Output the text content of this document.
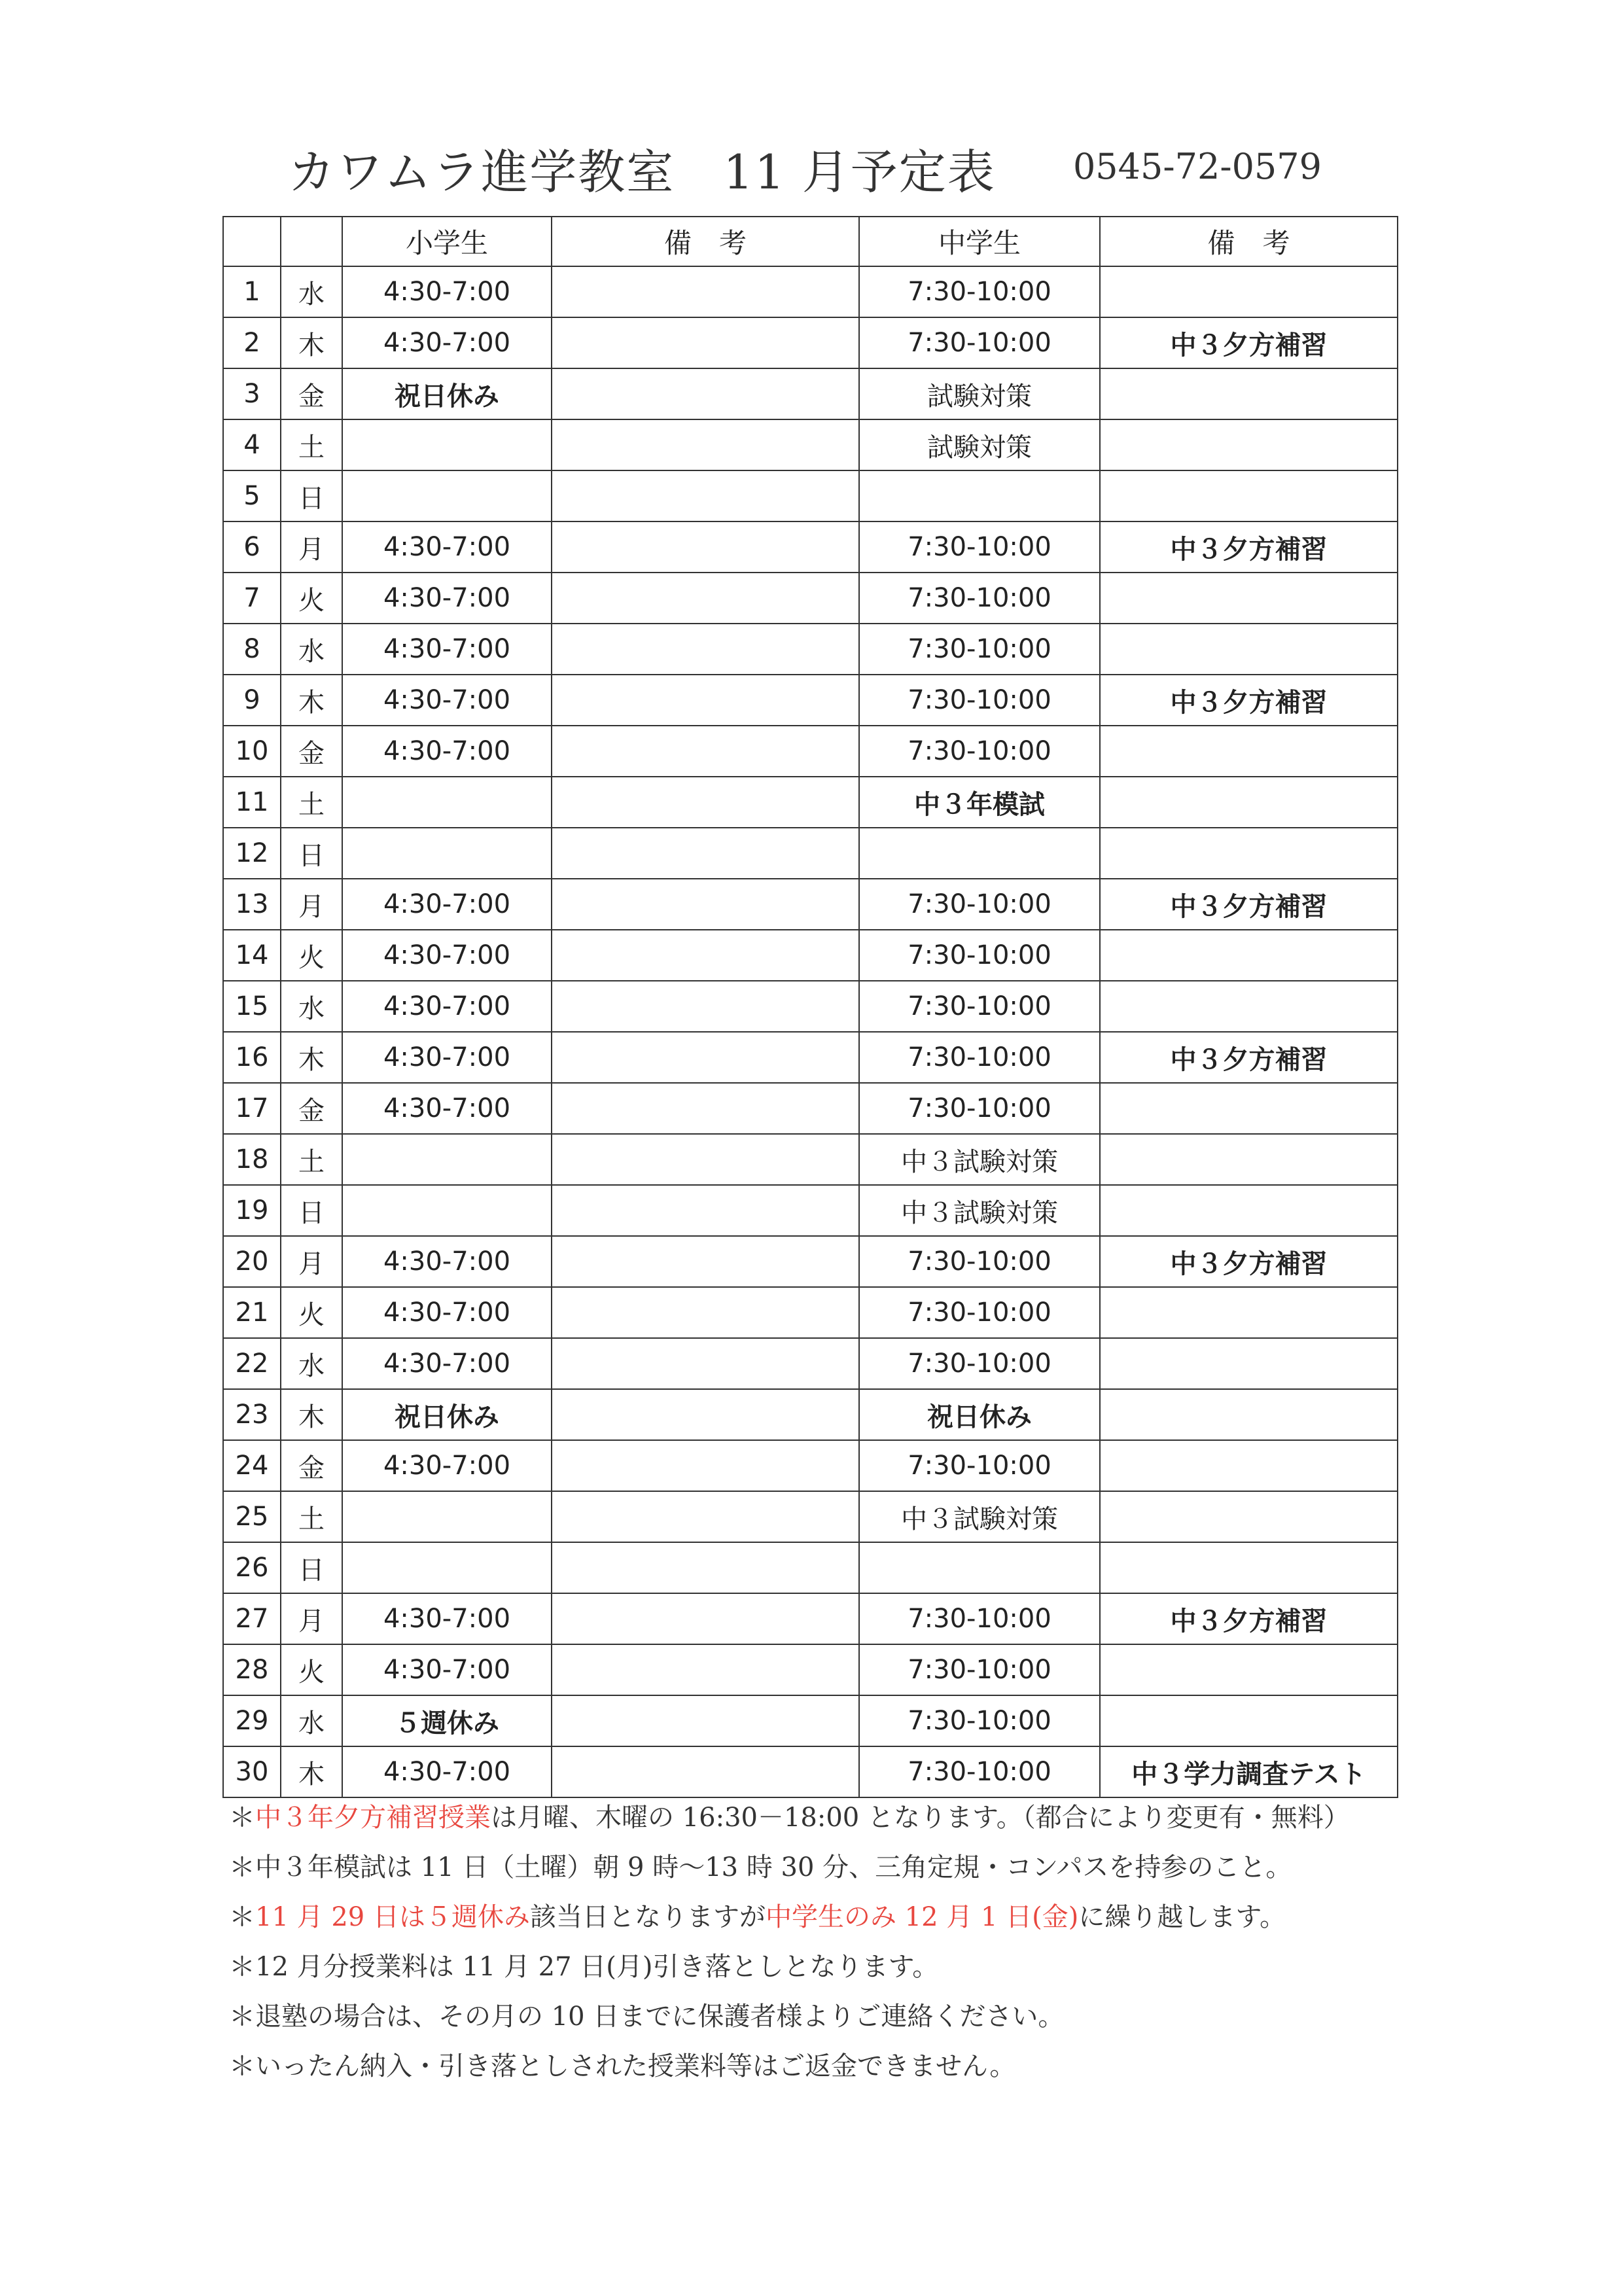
カワムラ進学教室　11 月予定表 0545-72-0579
		小学生	備　考	中学生	備　考
1	水	4:30-7:00		7:30-10:00	
2	木	4:30-7:00		7:30-10:00	中３夕方補習
3	金	祝日休み		試験対策	
4	土			試験対策	
5	日				
6	月	4:30-7:00		7:30-10:00	中３夕方補習
7	火	4:30-7:00		7:30-10:00	
8	水	4:30-7:00		7:30-10:00	
9	木	4:30-7:00		7:30-10:00	中３夕方補習
10	金	4:30-7:00		7:30-10:00	
11	土			中３年模試	
12	日				
13	月	4:30-7:00		7:30-10:00	中３夕方補習
14	火	4:30-7:00		7:30-10:00	
15	水	4:30-7:00		7:30-10:00	
16	木	4:30-7:00		7:30-10:00	中３夕方補習
17	金	4:30-7:00		7:30-10:00	
18	土			中３試験対策	
19	日			中３試験対策	
20	月	4:30-7:00		7:30-10:00	中３夕方補習
21	火	4:30-7:00		7:30-10:00	
22	水	4:30-7:00		7:30-10:00	
23	木	祝日休み		祝日休み	
24	金	4:30-7:00		7:30-10:00	
25	土			中３試験対策	
26	日				
27	月	4:30-7:00		7:30-10:00	中３夕方補習
28	火	4:30-7:00		7:30-10:00	
29	水	５週休み		7:30-10:00	
30	木	4:30-7:00		7:30-10:00	中３学力調査テスト
＊中３年夕方補習授業は月曜、木曜の 16:30－18:00 となります。（都合により変更有・無料）
＊中３年模試は 11 日（土曜）朝 9 時～13 時 30 分、三角定規・コンパスを持参のこと。
＊11 月 29 日は５週休み該当日となりますが中学生のみ 12 月 1 日(金)に繰り越します。
＊12 月分授業料は 11 月 27 日(月)引き落としとなります。
＊退塾の場合は、その月の 10 日までに保護者様よりご連絡ください。
＊いったん納入・引き落としされた授業料等はご返金できません。
